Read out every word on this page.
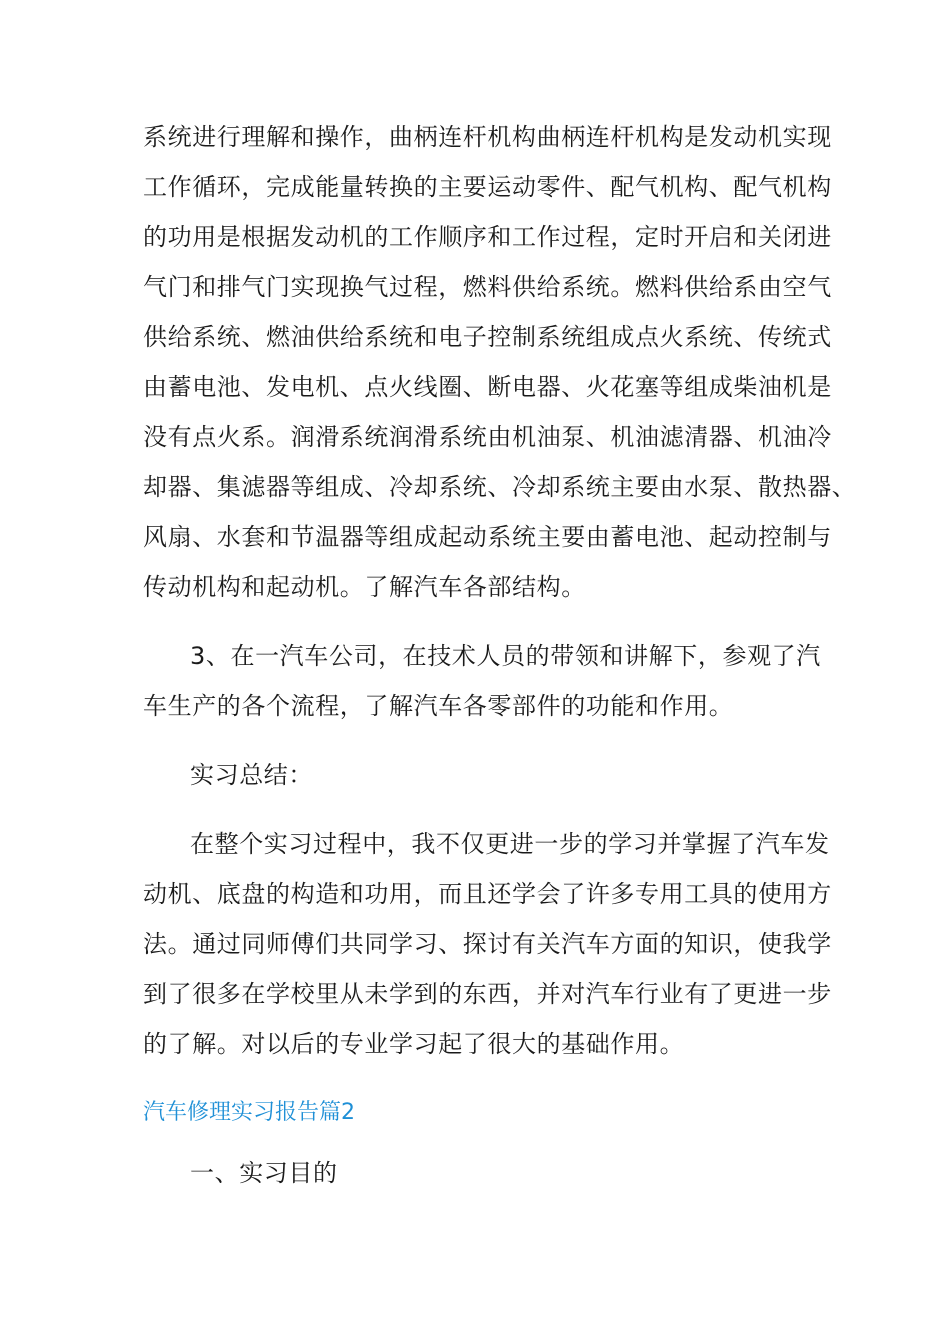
系统进行理解和操作，曲柄连杆机构曲柄连杆机构是发动机实现
工作循环，完成能量转换的主要运动零件、配气机构、配气机构
的功用是根据发动机的工作顺序和工作过程，定时开启和关闭进
气门和排气门实现换气过程，燃料供给系统。燃料供给系由空气
供给系统、燃油供给系统和电子控制系统组成点火系统、传统式
由蓄电池、发电机、点火线圈、断电器、火花塞等组成柴油机是
没有点火系。润滑系统润滑系统由机油泵、机油滤清器、机油冷
却器、集滤器等组成、冷却系统、冷却系统主要由水泵、散热器、
风扇、水套和节温器等组成起动系统主要由蓄电池、起动控制与
传动机构和起动机。了解汽车各部结构。
3、在一汽车公司，在技术人员的带领和讲解下，参观了汽
车生产的各个流程，了解汽车各零部件的功能和作用。
实习总结：
在整个实习过程中，我不仅更进一步的学习并掌握了汽车发
动机、底盘的构造和功用，而且还学会了许多专用工具的使用方
法。通过同师傅们共同学习、探讨有关汽车方面的知识，使我学
到了很多在学校里从未学到的东西，并对汽车行业有了更进一步
的了解。对以后的专业学习起了很大的基础作用。
汽车修理实习报告篇2
一、实习目的
